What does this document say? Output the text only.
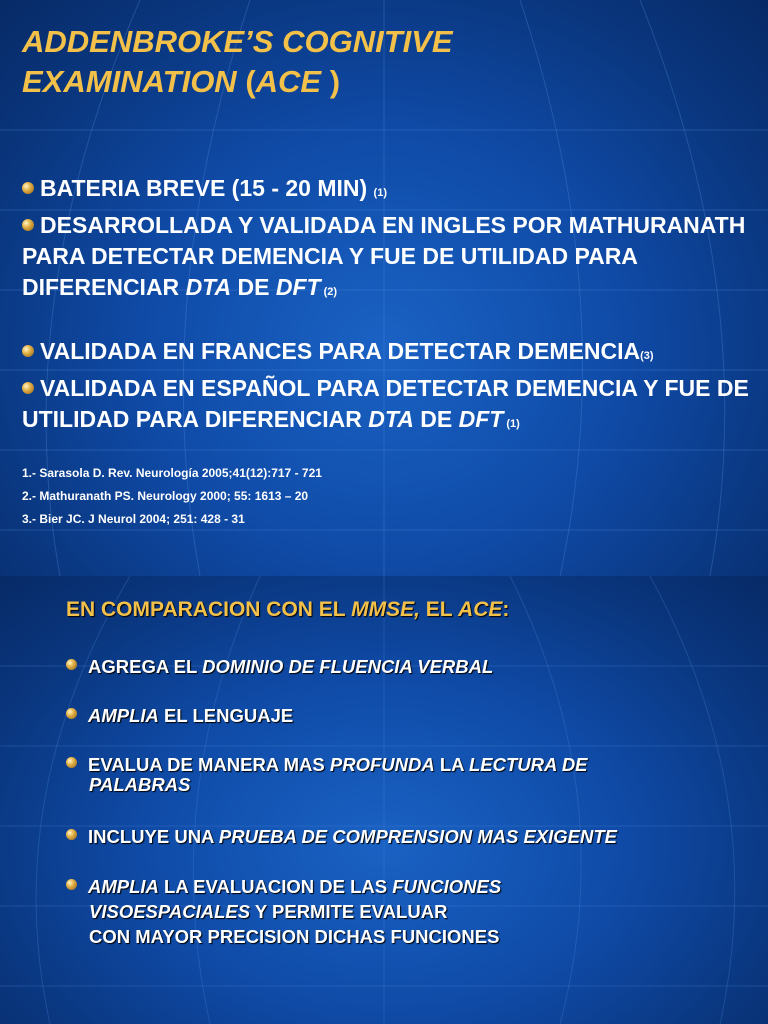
ADDENBROKE’S COGNITIVE
EXAMINATION (ACE )
BATERIA BREVE (15 - 20 MIN) (1)
DESARROLLADA Y VALIDADA EN INGLES POR MATHURANATH PARA DETECTAR DEMENCIA Y FUE DE UTILIDAD PARA DIFERENCIAR DTA DE DFT (2)
VALIDADA EN FRANCES PARA DETECTAR DEMENCIA(3)
VALIDADA EN ESPAÑOL PARA DETECTAR DEMENCIA Y FUE DE UTILIDAD PARA DIFERENCIAR DTA DE DFT (1)
1.- Sarasola D. Rev. Neurología 2005;41(12):717 - 721
2.- Mathuranath PS. Neurology 2000; 55: 1613 – 20
3.- Bier JC. J Neurol 2004; 251: 428 - 31
EN COMPARACION CON EL MMSE, EL ACE:
AGREGA EL DOMINIO DE FLUENCIA VERBAL
AMPLIA EL LENGUAJE
EVALUA DE MANERA MAS PROFUNDA LA LECTURA DE
PALABRAS
INCLUYE UNA PRUEBA DE COMPRENSION MAS EXIGENTE
AMPLIA LA EVALUACION DE LAS FUNCIONES
VISOESPACIALES Y PERMITE EVALUAR
CON MAYOR PRECISION DICHAS FUNCIONES
